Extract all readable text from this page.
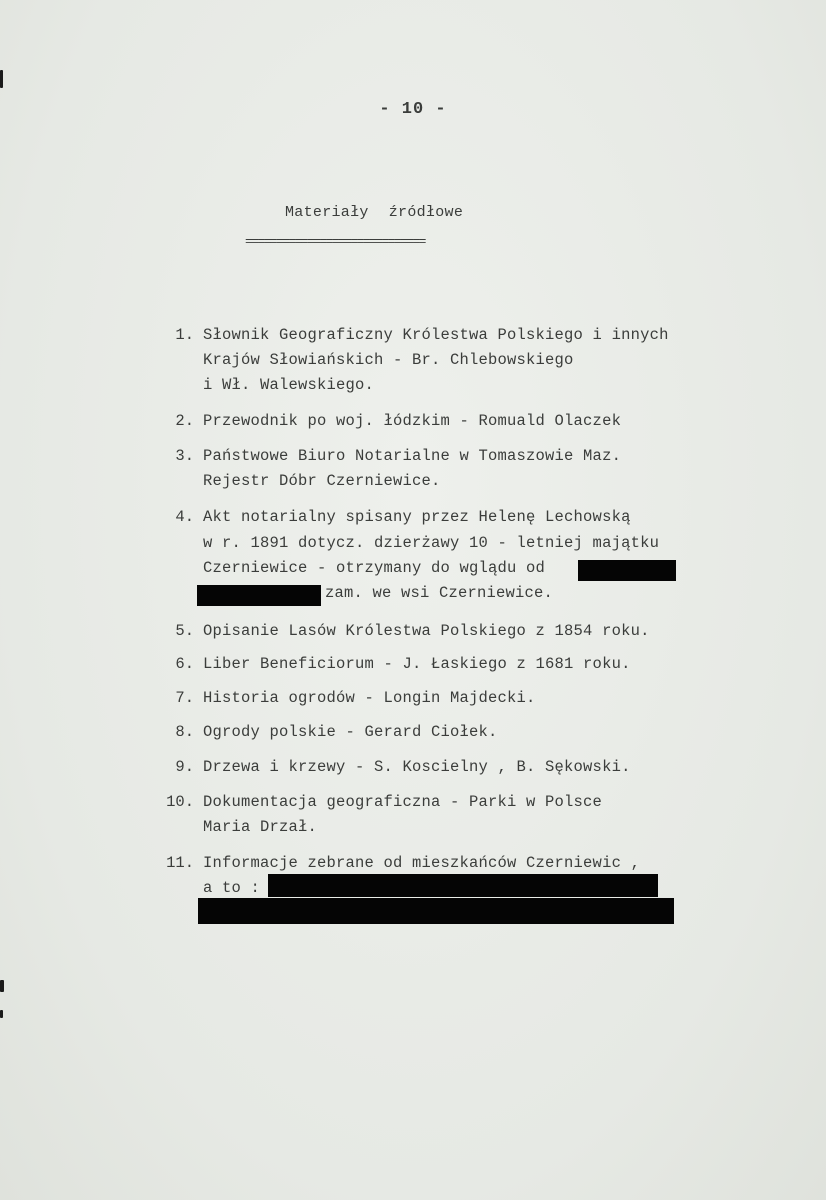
- 10 -
Materiały źródłowe
=============================
1. Słownik Geograficzny Królestwa Polskiego i innych
Krajów Słowiańskich - Br. Chlebowskiego
i Wł. Walewskiego.
2. Przewodnik po woj. łódzkim - Romuald Olaczek
3. Państwowe Biuro Notarialne w Tomaszowie Maz.
Rejestr Dóbr Czerniewice.
4. Akt notarialny spisany przez Helenę Lechowską
w r. 1891 dotycz. dzierżawy 10 - letniej majątku
Czerniewice - otrzymany do wglądu od
zam. we wsi Czerniewice.
5. Opisanie Lasów Królestwa Polskiego z 1854 roku.
6. Liber Beneficiorum - J. Łaskiego z 1681 roku.
7. Historia ogrodów - Longin Majdecki.
8. Ogrody polskie - Gerard Ciołek.
9. Drzewa i krzewy - S. Koscielny , B. Sękowski.
10. Dokumentacja geograficzna - Parki w Polsce
Maria Drzał.
11. Informacje zebrane od mieszkańców Czerniewic ,
a to :
